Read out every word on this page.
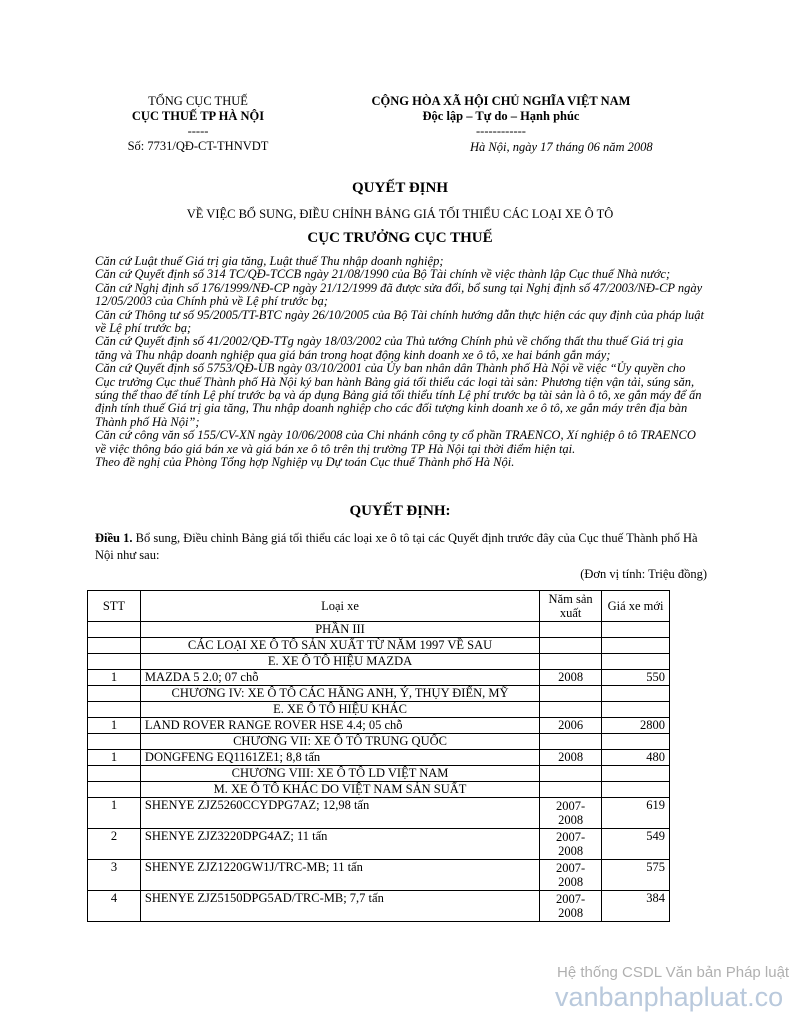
TỔNG CỤC THUẾ
CỤC THUẾ TP HÀ NỘI
-----
Số: 7731/QĐ-CT-THNVDT
CỘNG HÒA XÃ HỘI CHỦ NGHĨA VIỆT NAM
Độc lập – Tự do – Hạnh phúc
------------
Hà Nội, ngày 17 tháng 06 năm 2008
QUYẾT ĐỊNH
VỀ VIỆC BỔ SUNG, ĐIỀU CHỈNH BẢNG GIÁ TỐI THIỂU CÁC LOẠI XE Ô TÔ
CỤC TRƯỞNG CỤC THUẾ

Căn cứ Luật thuế Giá trị gia tăng, Luật thuế Thu nhập doanh nghiệp;

Căn cứ Quyết định số 314 TC/QĐ-TCCB ngày 21/08/1990 của Bộ Tài chính về việc thành lập Cục thuế Nhà nước;

Căn cứ Nghị định số 176/1999/NĐ-CP ngày 21/12/1999 đã được sửa đổi, bổ sung tại Nghị định số 47/2003/NĐ-CP ngày 12/05/2003 của Chính phủ về Lệ phí trước bạ;

Căn cứ Thông tư số 95/2005/TT-BTC ngày 26/10/2005 của Bộ Tài chính hướng dẫn thực hiện các quy định của pháp luật về Lệ phí trước bạ;

Căn cứ Quyết định số 41/2002/QĐ-TTg ngày 18/03/2002 của Thủ tướng Chính phủ về chống thất thu thuế Giá trị gia tăng và Thu nhập doanh nghiệp qua giá bán trong hoạt động kinh doanh xe ô tô, xe hai bánh gắn máy;

Căn cứ Quyết định số 5753/QĐ-UB ngày 03/10/2001 của Ủy ban nhân dân Thành phố Hà Nội về việc “Ủy quyền cho Cục trưởng Cục thuế Thành phố Hà Nội ký ban hành Bảng giá tối thiểu các loại tài sản: Phương tiện vận tải, súng săn, súng thể thao để tính Lệ phí trước bạ và áp dụng Bảng giá tối thiểu tính Lệ phí trước bạ tài sản là ô tô, xe gắn máy để ấn định tính thuế Giá trị gia tăng, Thu nhập doanh nghiệp cho các đối tượng kinh doanh xe ô tô, xe gắn máy trên địa bàn Thành phố Hà Nội”;

Căn cứ công văn số 155/CV-XN ngày 10/06/2008 của Chi nhánh công ty cổ phần TRAENCO, Xí nghiệp ô tô TRAENCO về việc thông báo giá bán xe và giá bán xe ô tô trên thị trường TP Hà Nội tại thời điểm hiện tại.

Theo đề nghị của Phòng Tổng hợp Nghiệp vụ Dự toán Cục thuế Thành phố Hà Nội.

QUYẾT ĐỊNH:
Điều 1. Bổ sung, Điều chỉnh Bảng giá tối thiểu các loại xe ô tô tại các Quyết định trước đây của Cục thuế Thành phố Hà Nội như sau:
(Đơn vị tính: Triệu đồng)
STT	Loại xe	Năm sản xuất	Giá xe mới
	PHẦN III		
	CÁC LOẠI XE Ô TÔ SẢN XUẤT TỪ NĂM 1997 VỀ SAU		
	E. XE Ô TÔ HIỆU MAZDA		
1	MAZDA 5 2.0; 07 chỗ	2008	550
	CHƯƠNG IV: XE Ô TÔ CÁC HÃNG ANH, Ý, THỤY ĐIỂN, MỸ		
	E. XE Ô TÔ HIỆU KHÁC		
1	LAND ROVER RANGE ROVER HSE 4.4; 05 chỗ	2006	2800
	CHƯƠNG VII: XE Ô TÔ TRUNG QUỐC		
1	DONGFENG EQ1161ZE1; 8,8 tấn	2008	480
	CHƯƠNG VIII: XE Ô TÔ LD VIỆT NAM		
	M. XE Ô TÔ KHÁC DO VIỆT NAM SẢN SUẤT		
1	SHENYE ZJZ5260CCYDPG7AZ; 12,98 tấn	2007-2008	619
2	SHENYE ZJZ3220DPG4AZ; 11 tấn	2007-2008	549
3	SHENYE ZJZ1220GW1J/TRC-MB; 11 tấn	2007-2008	575
4	SHENYE ZJZ5150DPG5AD/TRC-MB; 7,7 tấn	2007-2008	384
Hệ thống CSDL Văn bản Pháp luật
vanbanphapluat.co
